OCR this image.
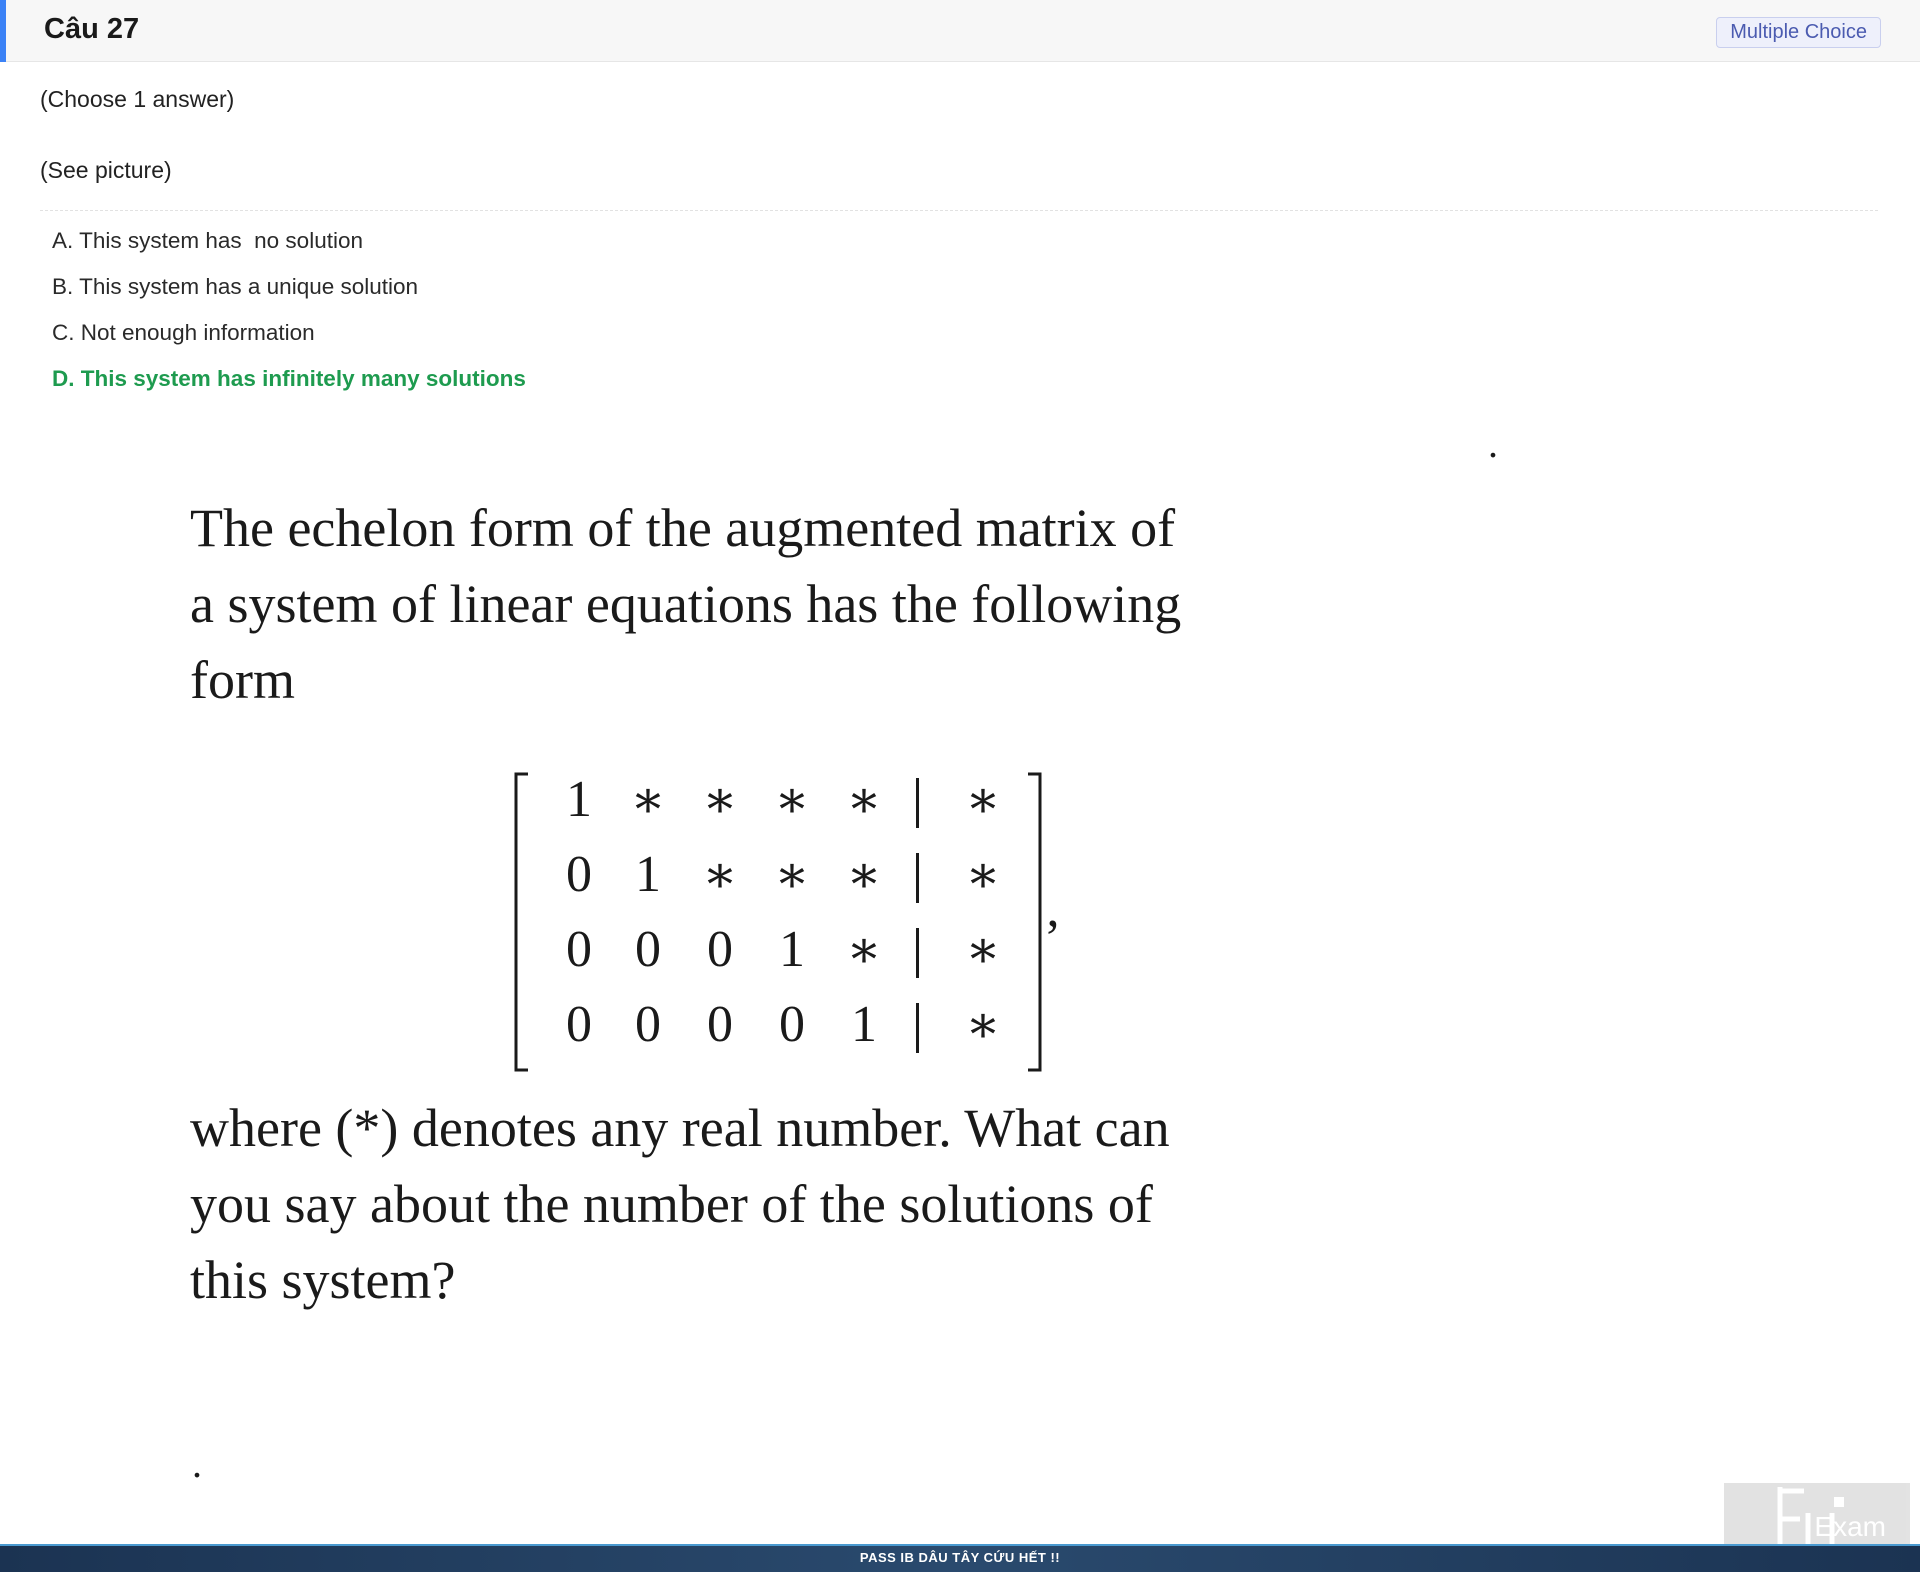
Câu 27	Multiple Choice
(Choose 1 answer)
(See picture)
A. This system has  no solution
B. This system has a unique solution
C. Not enough information
D. This system has infinitely many solutions
.
The echelon form of the augmented matrix of
a system of linear equations has the following
form
1 ∗ ∗ ∗ ∗ ∗
0 1 ∗ ∗ ∗ ∗
0 0 0 1 ∗ ∗
0 0 0 0 1	∗
,
where (*) denotes any real number. What can
you say about the number of the solutions of
this system?
.
Exam
PASS IB DÂU TÂY CỨU HẾT !!
